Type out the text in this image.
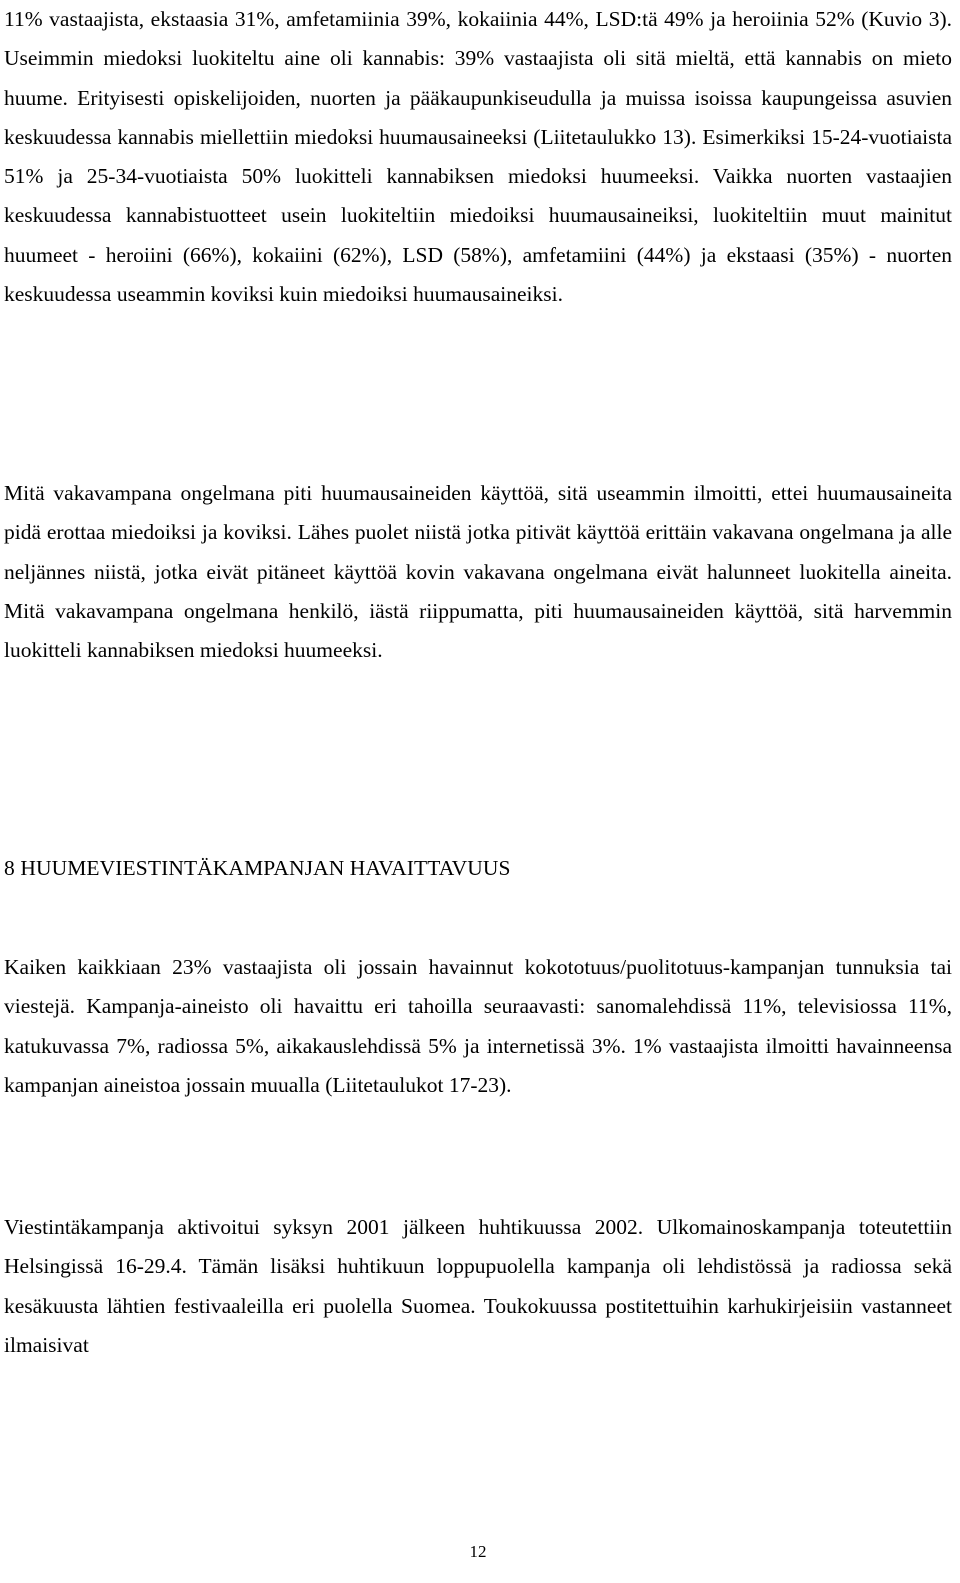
11% vastaajista, ekstaasia 31%, amfetamiinia 39%, kokaiinia 44%, LSD:tä 49% ja heroiinia 52% (Kuvio 3). Useimmin miedoksi luokiteltu aine oli kannabis: 39% vastaajista oli sitä mieltä, että kannabis on mieto huume. Erityisesti opiskelijoiden, nuorten ja pääkaupunkiseudulla ja muissa isoissa kaupungeissa asuvien keskuudessa kannabis miellettiin miedoksi huumausaineeksi (Liitetaulukko 13). Esimerkiksi 15-24-vuotiaista 51% ja 25-34-vuotiaista 50% luokitteli kannabiksen miedoksi huumeeksi. Vaikka nuorten vastaajien keskuudessa kannabistuotteet usein luokiteltiin miedoiksi huumausaineiksi, luokiteltiin muut mainitut huumeet - heroiini (66%), kokaiini (62%), LSD (58%), amfetamiini (44%) ja ekstaasi (35%) - nuorten keskuudessa useammin koviksi kuin miedoiksi huumausaineiksi.

Mitä vakavampana ongelmana piti huumausaineiden käyttöä, sitä useammin ilmoitti, ettei huumausaineita pidä erottaa miedoiksi ja koviksi. Lähes puolet niistä jotka pitivät käyttöä erittäin vakavana ongelmana ja alle neljännes niistä, jotka eivät pitäneet käyttöä kovin vakavana ongelmana eivät halunneet luokitella aineita. Mitä vakavampana ongelmana henkilö, iästä riippumatta, piti huumausaineiden käyttöä, sitä harvemmin luokitteli kannabiksen miedoksi huumeeksi.

8 HUUMEVIESTINTÄKAMPANJAN HAVAITTAVUUS

Kaiken kaikkiaan 23% vastaajista oli jossain havainnut kokototuus/puolitotuus-kampanjan tunnuksia tai viestejä. Kampanja-aineisto oli havaittu eri tahoilla seuraavasti: sanomalehdissä 11%, televisiossa 11%, katukuvassa 7%, radiossa 5%, aikakauslehdissä 5% ja internetissä 3%. 1% vastaajista ilmoitti havainneensa kampanjan aineistoa jossain muualla (Liitetaulukot 17-23).

Viestintäkampanja aktivoitui syksyn 2001 jälkeen huhtikuussa 2002. Ulkomainoskampanja toteutettiin Helsingissä 16-29.4. Tämän lisäksi huhtikuun loppupuolella kampanja oli lehdistössä ja radiossa sekä kesäkuusta lähtien festivaaleilla eri puolella Suomea. Toukokuussa postitettuihin karhukirjeisiin vastanneet ilmaisivat

12
